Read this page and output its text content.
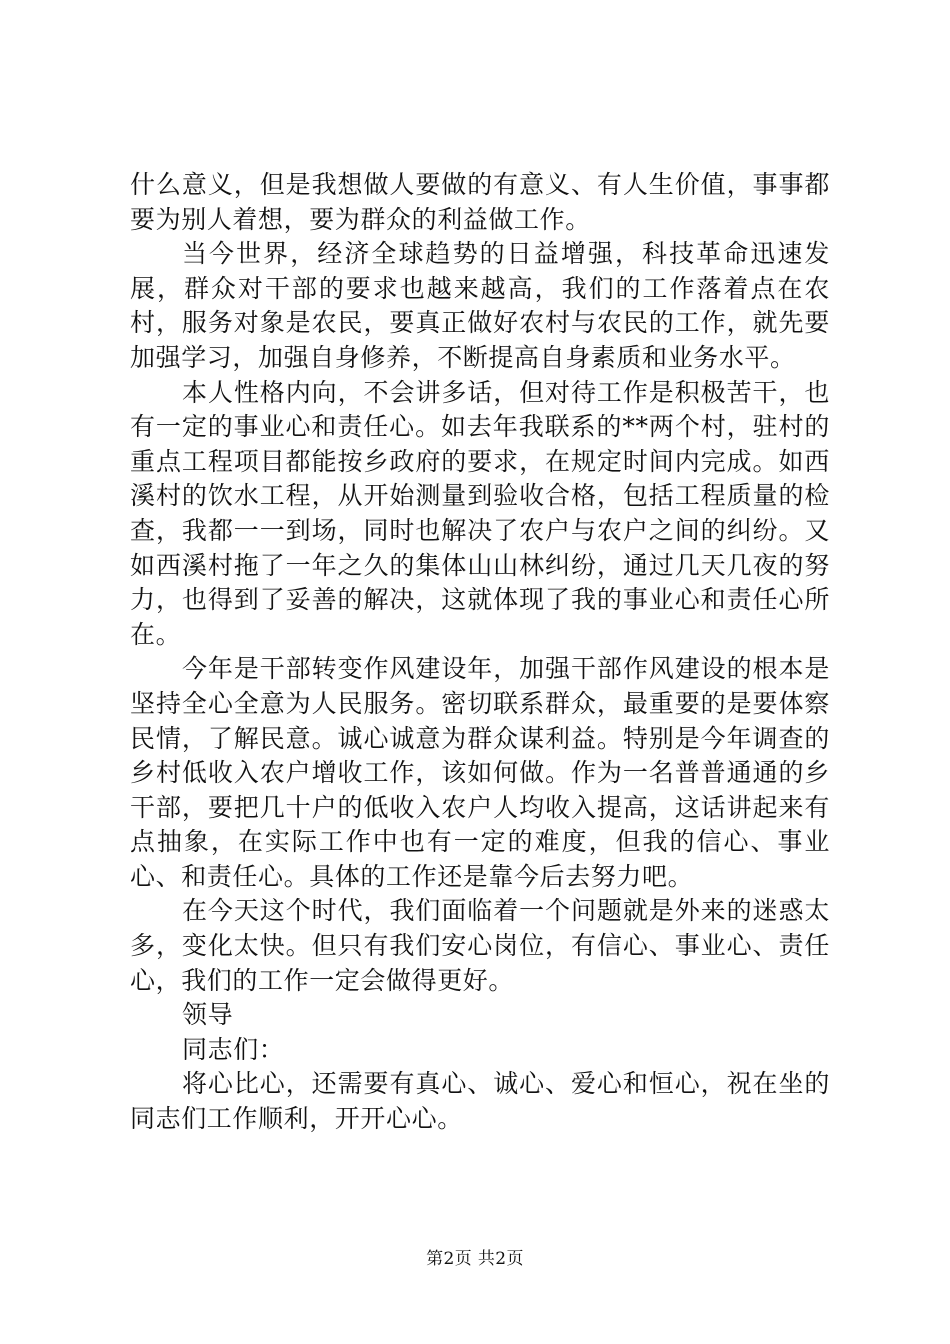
什么意义，但是我想做人要做的有意义、有人生价值，事事都要为别人着想，要为群众的利益做工作。

当今世界，经济全球趋势的日益增强，科技革命迅速发展，群众对干部的要求也越来越高，我们的工作落着点在农村，服务对象是农民，要真正做好农村与农民的工作，就先要加强学习，加强自身修养，不断提高自身素质和业务水平。

本人性格内向，不会讲多话，但对待工作是积极苦干，也有一定的事业心和责任心。如去年我联系的**两个村，驻村的重点工程项目都能按乡政府的要求，在规定时间内完成。如西溪村的饮水工程，从开始测量到验收合格，包括工程质量的检查，我都一一到场，同时也解决了农户与农户之间的纠纷。又如西溪村拖了一年之久的集体山山林纠纷，通过几天几夜的努力，也得到了妥善的解决，这就体现了我的事业心和责任心所在。

今年是干部转变作风建设年，加强干部作风建设的根本是坚持全心全意为人民服务。密切联系群众，最重要的是要体察民情，了解民意。诚心诚意为群众谋利益。特别是今年调查的乡村低收入农户增收工作，该如何做。作为一名普普通通的乡干部，要把几十户的低收入农户人均收入提高，这话讲起来有点抽象，在实际工作中也有一定的难度，但我的信心、事业心、和责任心。具体的工作还是靠今后去努力吧。

在今天这个时代，我们面临着一个问题就是外来的迷惑太多，变化太快。但只有我们安心岗位，有信心、事业心、责任心，我们的工作一定会做得更好。

领导

同志们：

将心比心，还需要有真心、诚心、爱心和恒心，祝在坐的同志们工作顺利，开开心心。

第2页 共2页
